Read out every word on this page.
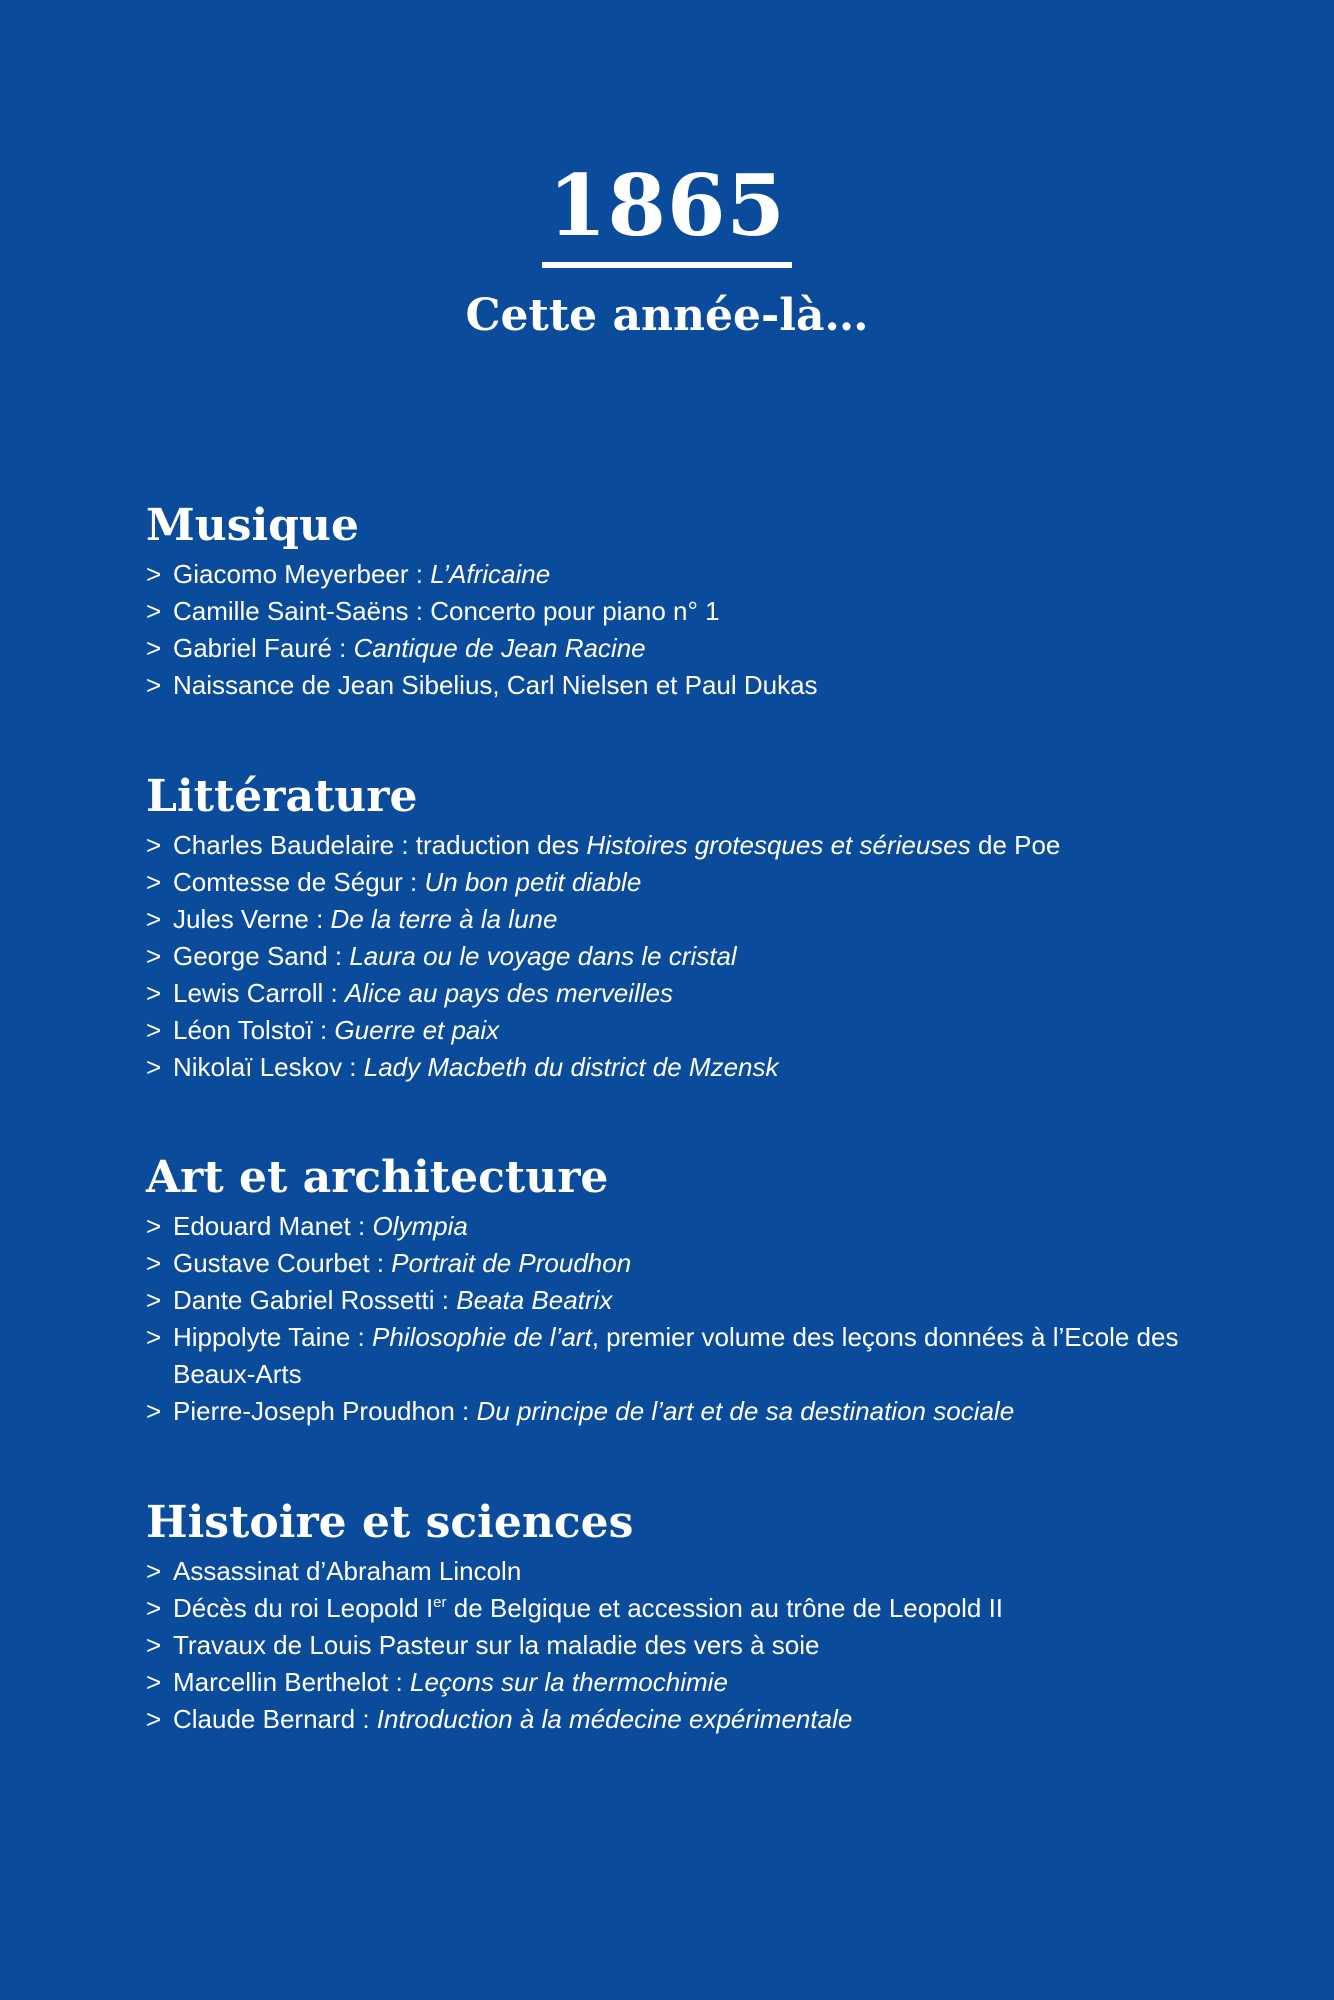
1865
Cette année-là…
Musique
> Giacomo Meyerbeer : L’Africaine
> Camille Saint-Saëns : Concerto pour piano n° 1
> Gabriel Fauré : Cantique de Jean Racine
> Naissance de Jean Sibelius, Carl Nielsen et Paul Dukas
Littérature
> Charles Baudelaire : traduction des Histoires grotesques et sérieuses de Poe
> Comtesse de Ségur : Un bon petit diable
> Jules Verne : De la terre à la lune
> George Sand : Laura ou le voyage dans le cristal
> Lewis Carroll : Alice au pays des merveilles
> Léon Tolstoï : Guerre et paix
> Nikolaï Leskov : Lady Macbeth du district de Mzensk
Art et architecture
> Edouard Manet : Olympia
> Gustave Courbet : Portrait de Proudhon
> Dante Gabriel Rossetti : Beata Beatrix
> Hippolyte Taine : Philosophie de l’art, premier volume des leçons données à l’Ecole des Beaux-Arts
> Pierre-Joseph Proudhon : Du principe de l’art et de sa destination sociale
Histoire et sciences
> Assassinat d’Abraham Lincoln
> Décès du roi Leopold Ier de Belgique et accession au trône de Leopold II
> Travaux de Louis Pasteur sur la maladie des vers à soie
> Marcellin Berthelot : Leçons sur la thermochimie
> Claude Bernard : Introduction à la médecine expérimentale
